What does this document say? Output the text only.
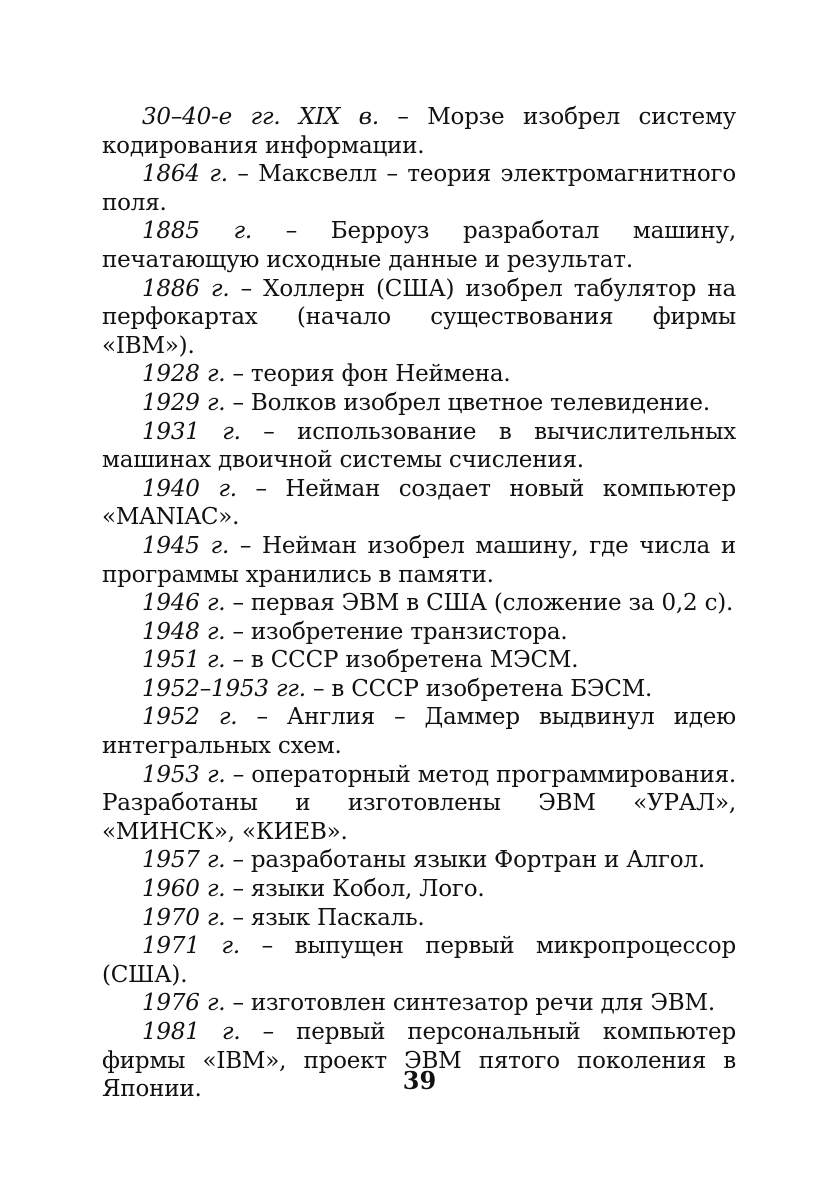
30–40-е гг. XIX в. – Морзе изобрел систему кодирования информации.

1864 г. – Максвелл – теория электромагнитного поля.

1885 г. – Берроуз разработал машину, печатающую исходные данные и результат.

1886 г. – Холлерн (США) изобрел табулятор на перфокартах (начало существования фирмы «IBM»).

1928 г. – теория фон Неймена.

1929 г. – Волков изобрел цветное телевидение.

1931 г. – использование в вычислительных машинах двоичной системы счисления.

1940 г. – Нейман создает новый компьютер «MANIAC».

1945 г. – Нейман изобрел машину, где числа и программы хранились в памяти.

1946 г. – первая ЭВМ в США (сложение за 0,2 с).

1948 г. – изобретение транзистора.

1951 г. – в СССР изобретена МЭСМ.

1952–1953 гг. – в СССР изобретена БЭСМ.

1952 г. – Англия – Даммер выдвинул идею интегральных схем.

1953 г. – операторный метод программирования. Разработаны и изготовлены ЭВМ «УРАЛ», «МИНСК», «КИЕВ».

1957 г. – разработаны языки Фортран и Алгол.

1960 г. – языки Кобол, Лого.

1970 г. – язык Паскаль.

1971 г. – выпущен первый микропроцессор (США).

1976 г. – изготовлен синтезатор речи для ЭВМ.

1981 г. – первый персональный компьютер фирмы «IBM», проект ЭВМ пятого поколения в Японии.	39
